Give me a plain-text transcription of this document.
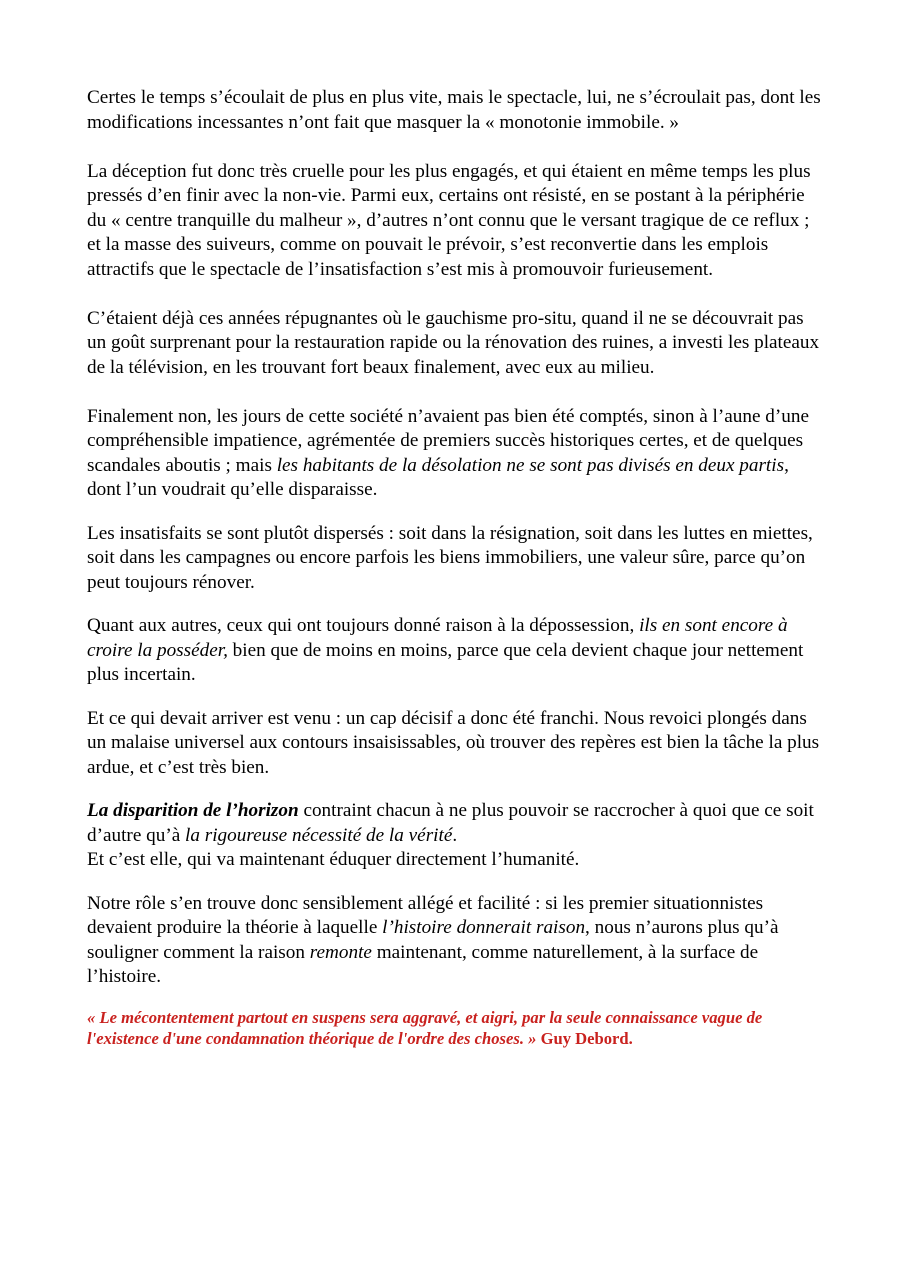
Certes le temps s’écoulait de plus en plus vite, mais le spectacle, lui, ne s’écroulait pas, dont les modifications incessantes n’ont fait que masquer la « monotonie immobile. »

La déception fut donc très cruelle pour les plus engagés, et qui étaient en même temps les plus pressés d’en finir avec la non-vie. Parmi eux, certains ont résisté, en se postant à la périphérie du « centre tranquille du malheur », d’autres n’ont connu que le versant tragique de ce reflux ; et la masse des suiveurs, comme on pouvait le prévoir, s’est reconvertie dans les emplois attractifs que le spectacle de l’insatisfaction s’est mis à promouvoir furieusement.

C’étaient déjà ces années répugnantes où le gauchisme pro-situ, quand il ne se découvrait pas un goût surprenant pour la restauration rapide ou la rénovation des ruines, a investi les plateaux de la télévision, en les trouvant fort beaux finalement, avec eux au milieu.

Finalement non, les jours de cette société n’avaient pas bien été comptés, sinon à l’aune d’une compréhensible impatience, agrémentée de premiers succès historiques certes, et de quelques scandales aboutis ; mais les habitants de la désolation ne se sont pas divisés en deux partis, dont l’un voudrait qu’elle disparaisse.

Les insatisfaits se sont plutôt dispersés : soit dans la résignation, soit dans les luttes en miettes, soit dans les campagnes ou encore parfois les biens immobiliers, une valeur sûre, parce qu’on peut toujours rénover.

Quant aux autres, ceux qui ont toujours donné raison à la dépossession, ils en sont encore à croire la posséder, bien que de moins en moins, parce que cela devient chaque jour nettement plus incertain.

Et ce qui devait arriver est venu : un cap décisif a donc été franchi. Nous revoici plongés dans un malaise universel aux contours insaisissables, où trouver des repères est bien la tâche la plus ardue, et c’est très bien.

La disparition de l’horizon contraint chacun à ne plus pouvoir se raccrocher à quoi que ce soit d’autre qu’à la rigoureuse nécessité de la vérité.
Et c’est elle, qui va maintenant éduquer directement l’humanité.

Notre rôle s’en trouve donc sensiblement allégé et facilité : si les premier situationnistes devaient produire la théorie à laquelle l’histoire donnerait raison, nous n’aurons plus qu’à souligner comment la raison remonte maintenant, comme naturellement, à la surface de l’histoire.

« Le mécontentement partout en suspens sera aggravé, et aigri, par la seule connaissance vague de l'existence d'une condamnation théorique de l'ordre des choses. » Guy Debord.
